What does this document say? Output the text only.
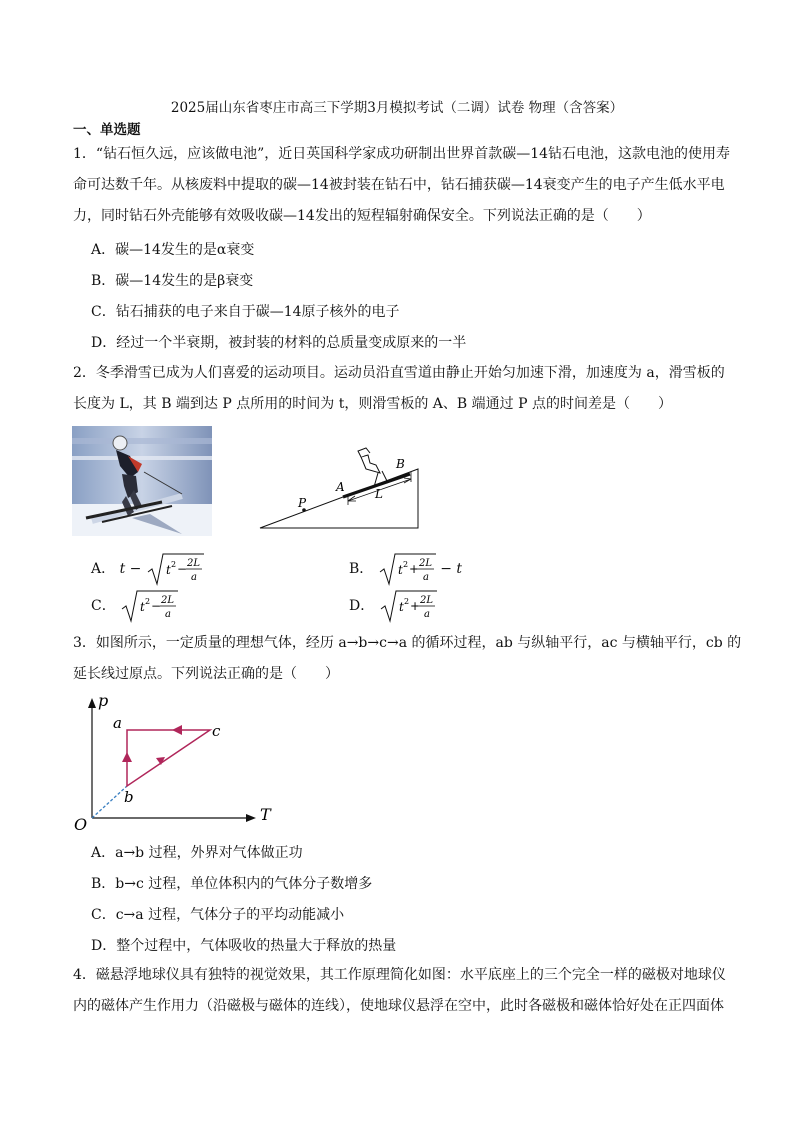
2025届山东省枣庄市高三下学期3月模拟考试（二调）试卷 物理（含答案）
一、单选题
1．“钻石恒久远，应该做电池”，近日英国科学家成功研制出世界首款碳—14钻石电池，这款电池的使用寿
命可达数千年。从核废料中提取的碳—14被封装在钻石中，钻石捕获碳—14衰变产生的电子产生低水平电
力，同时钻石外壳能够有效吸收碳—14发出的短程辐射确保安全。下列说法正确的是（　　）
A．碳—14发生的是α衰变
B．碳—14发生的是β衰变
C．钻石捕获的电子来自于碳—14原子核外的电子
D．经过一个半衰期，被封装的材料的总质量变成原来的一半
2．冬季滑雪已成为人们喜爱的运动项目。运动员沿直雪道由静止开始匀加速下滑，加速度为 a，滑雪板的
长度为 L，其 B 端到达 P 点所用的时间为 t，则滑雪板的 A、B 端通过 P 点的时间差是（　　）
P
A
B
L
A． t − t 2 − 2L
a
B． t 2 + 2L
a
− t
C． t 2 − 2L
a
D． t 2 + 2L
a
3．如图所示，一定质量的理想气体，经历 a→b→c→a 的循环过程，ab 与纵轴平行，ac 与横轴平行，cb 的
延长线过原点。下列说法正确的是（　　）
p
T
O
a
b
c
A．a→b 过程，外界对气体做正功
B．b→c 过程，单位体积内的气体分子数增多
C．c→a 过程，气体分子的平均动能减小
D．整个过程中，气体吸收的热量大于释放的热量
4．磁悬浮地球仪具有独特的视觉效果，其工作原理简化如图：水平底座上的三个完全一样的磁极对地球仪
内的磁体产生作用力（沿磁极与磁体的连线），使地球仪悬浮在空中，此时各磁极和磁体恰好处在正四面体
